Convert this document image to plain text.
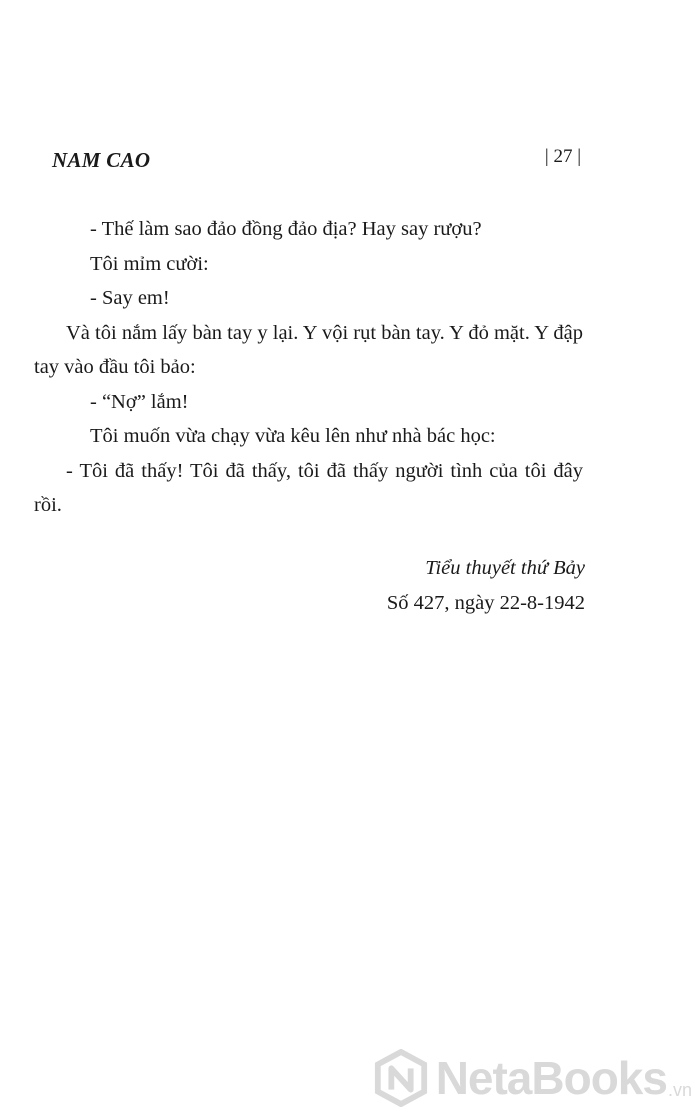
NAM CAO	| 27 |

- Thế làm sao đảo đồng đảo địa? Hay say rượu?

Tôi mỉm cười:

- Say em!

Và tôi nắm lấy bàn tay y lại. Y vội rụt bàn tay. Y đỏ mặt. Y đập tay vào đầu tôi bảo:

- “Nợ” lắm!

Tôi muốn vừa chạy vừa kêu lên như nhà bác học:

- Tôi đã thấy! Tôi đã thấy, tôi đã thấy người tình của tôi đây rồi.

Tiểu thuyết thứ Bảy
Số 427, ngày 22-8-1942
NetaBooks .vn
